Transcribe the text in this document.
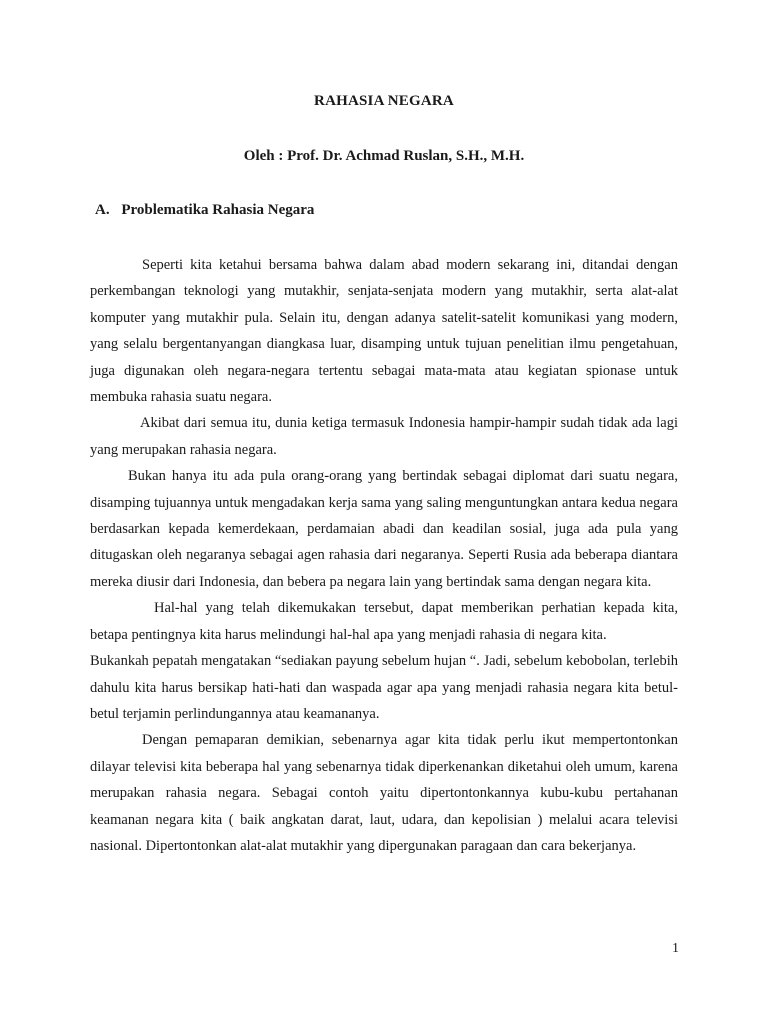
RAHASIA NEGARA
Oleh : Prof. Dr. Achmad Ruslan, S.H., M.H.
A. Problematika Rahasia Negara

Seperti kita ketahui bersama bahwa dalam abad modern sekarang ini, ditandai dengan perkembangan teknologi yang mutakhir, senjata-senjata modern yang mutakhir, serta alat-alat komputer yang mutakhir pula. Selain itu, dengan adanya satelit-satelit komunikasi yang modern, yang selalu bergentanyangan diangkasa luar, disamping untuk tujuan penelitian ilmu pengetahuan, juga digunakan oleh negara-negara tertentu sebagai mata-mata atau kegiatan spionase untuk membuka rahasia suatu negara.

Akibat dari semua itu, dunia ketiga termasuk Indonesia hampir-hampir sudah tidak ada lagi yang merupakan rahasia negara.

Bukan hanya itu ada pula orang-orang yang bertindak sebagai diplomat dari suatu negara, disamping tujuannya untuk mengadakan kerja sama yang saling menguntungkan antara kedua negara berdasarkan kepada kemerdekaan, perdamaian abadi dan keadilan sosial, juga ada pula yang ditugaskan oleh negaranya sebagai agen rahasia dari negaranya. Seperti Rusia ada beberapa diantara mereka diusir dari Indonesia, dan bebera pa negara lain yang bertindak sama dengan negara kita.

Hal-hal yang telah dikemukakan tersebut, dapat memberikan perhatian kepada kita, betapa pentingnya kita harus melindungi hal-hal apa yang menjadi rahasia di negara kita.

Bukankah pepatah mengatakan “sediakan payung sebelum hujan “. Jadi, sebelum kebobolan, terlebih dahulu kita harus bersikap hati-hati dan waspada agar apa yang menjadi rahasia negara kita betul-betul terjamin perlindungannya atau keamananya.

Dengan pemaparan demikian, sebenarnya agar kita tidak perlu ikut mempertontonkan dilayar televisi kita beberapa hal yang sebenarnya tidak diperkenankan diketahui oleh umum, karena merupakan rahasia negara. Sebagai contoh yaitu dipertontonkannya kubu-kubu pertahanan keamanan negara kita ( baik angkatan darat, laut, udara, dan kepolisian ) melalui acara televisi nasional. Dipertontonkan alat-alat mutakhir yang dipergunakan paragaan dan cara bekerjanya.

1
